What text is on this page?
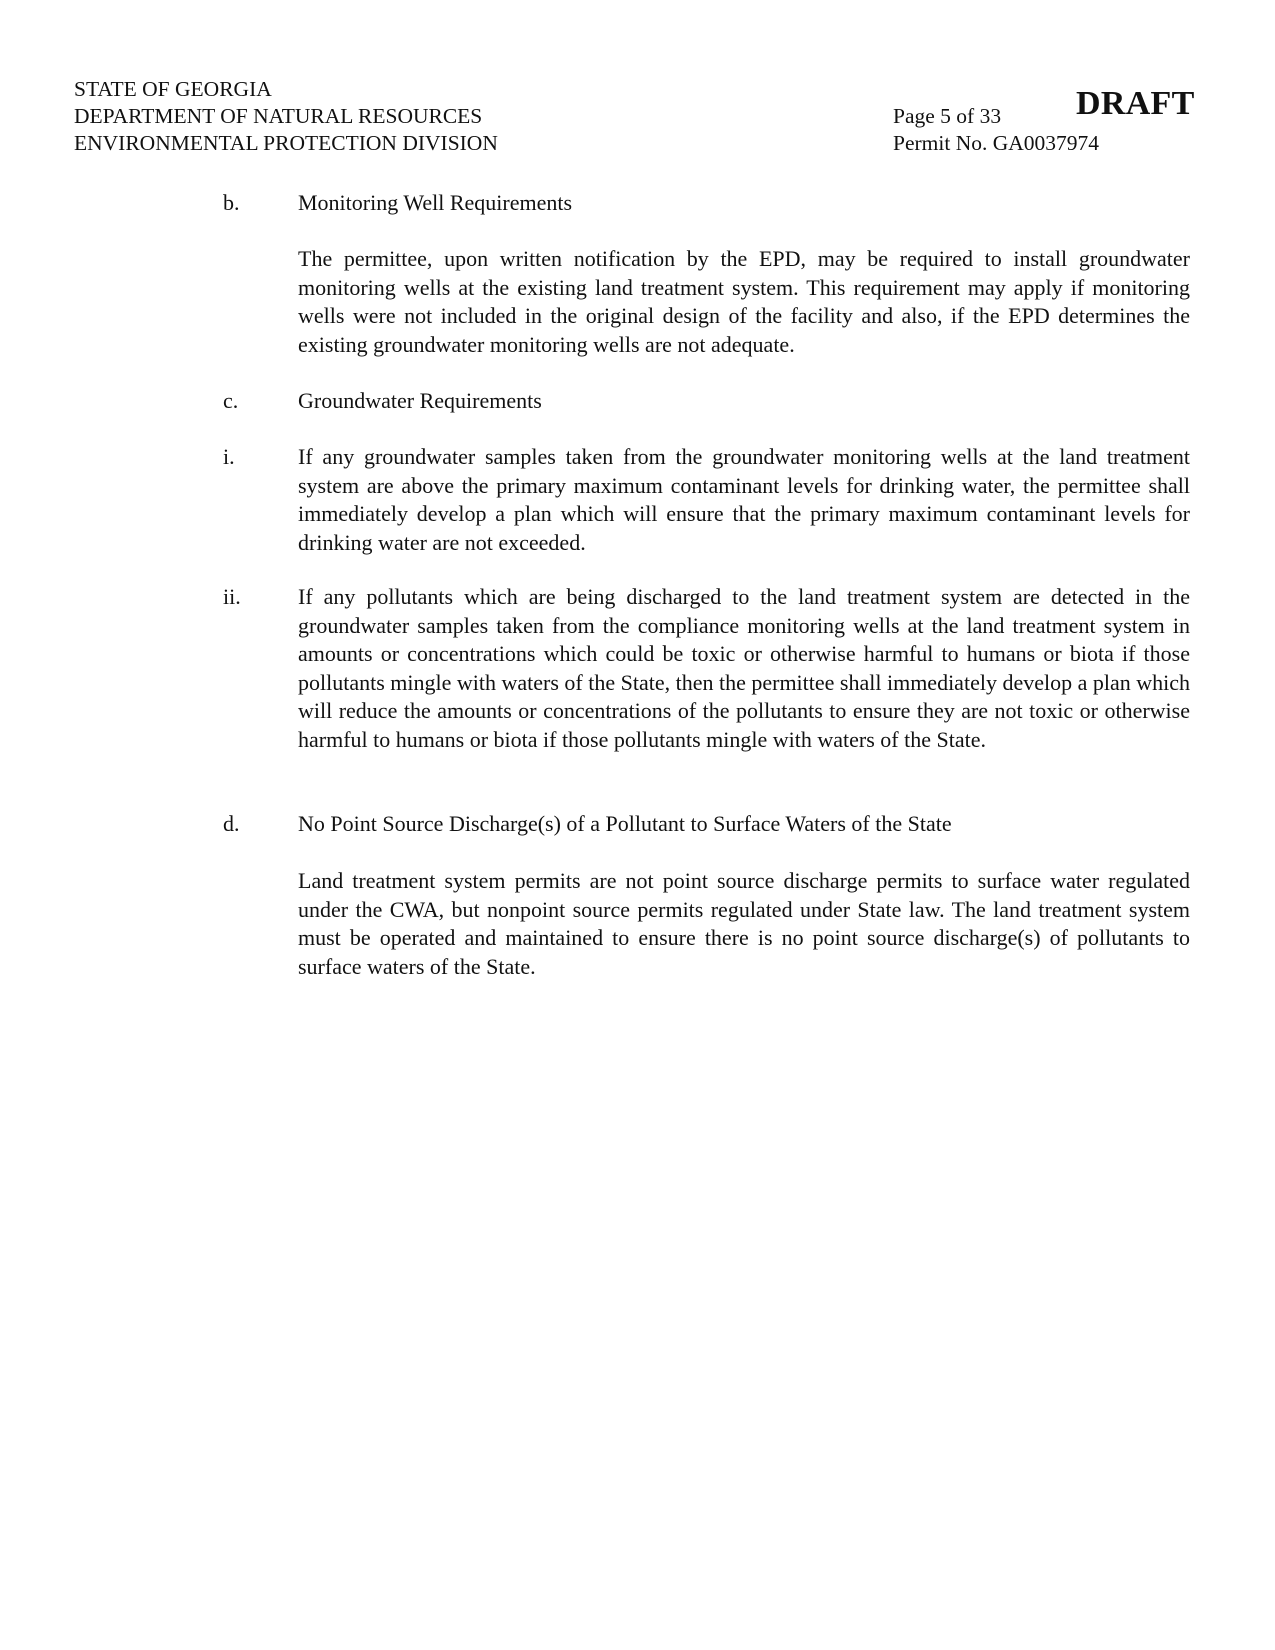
STATE OF GEORGIA
DEPARTMENT OF NATURAL RESOURCES
ENVIRONMENTAL PROTECTION DIVISION
Page 5 of 33
Permit No. GA0037974
DRAFT
b.	Monitoring Well Requirements
The permittee, upon written notification by the EPD, may be required to install groundwater monitoring wells at the existing land treatment system. This requirement may apply if monitoring wells were not included in the original design of the facility and also, if the EPD determines the existing groundwater monitoring wells are not adequate.
c.	Groundwater Requirements
i.	If any groundwater samples taken from the groundwater monitoring wells at the land treatment system are above the primary maximum contaminant levels for drinking water, the permittee shall immediately develop a plan which will ensure that the primary maximum contaminant levels for drinking water are not exceeded.
ii.	If any pollutants which are being discharged to the land treatment system are detected in the groundwater samples taken from the compliance monitoring wells at the land treatment system in amounts or concentrations which could be toxic or otherwise harmful to humans or biota if those pollutants mingle with waters of the State, then the permittee shall immediately develop a plan which will reduce the amounts or concentrations of the pollutants to ensure they are not toxic or otherwise harmful to humans or biota if those pollutants mingle with waters of the State.
d.	No Point Source Discharge(s) of a Pollutant to Surface Waters of the State
Land treatment system permits are not point source discharge permits to surface water regulated under the CWA, but nonpoint source permits regulated under State law. The land treatment system must be operated and maintained to ensure there is no point source discharge(s) of pollutants to surface waters of the State.
